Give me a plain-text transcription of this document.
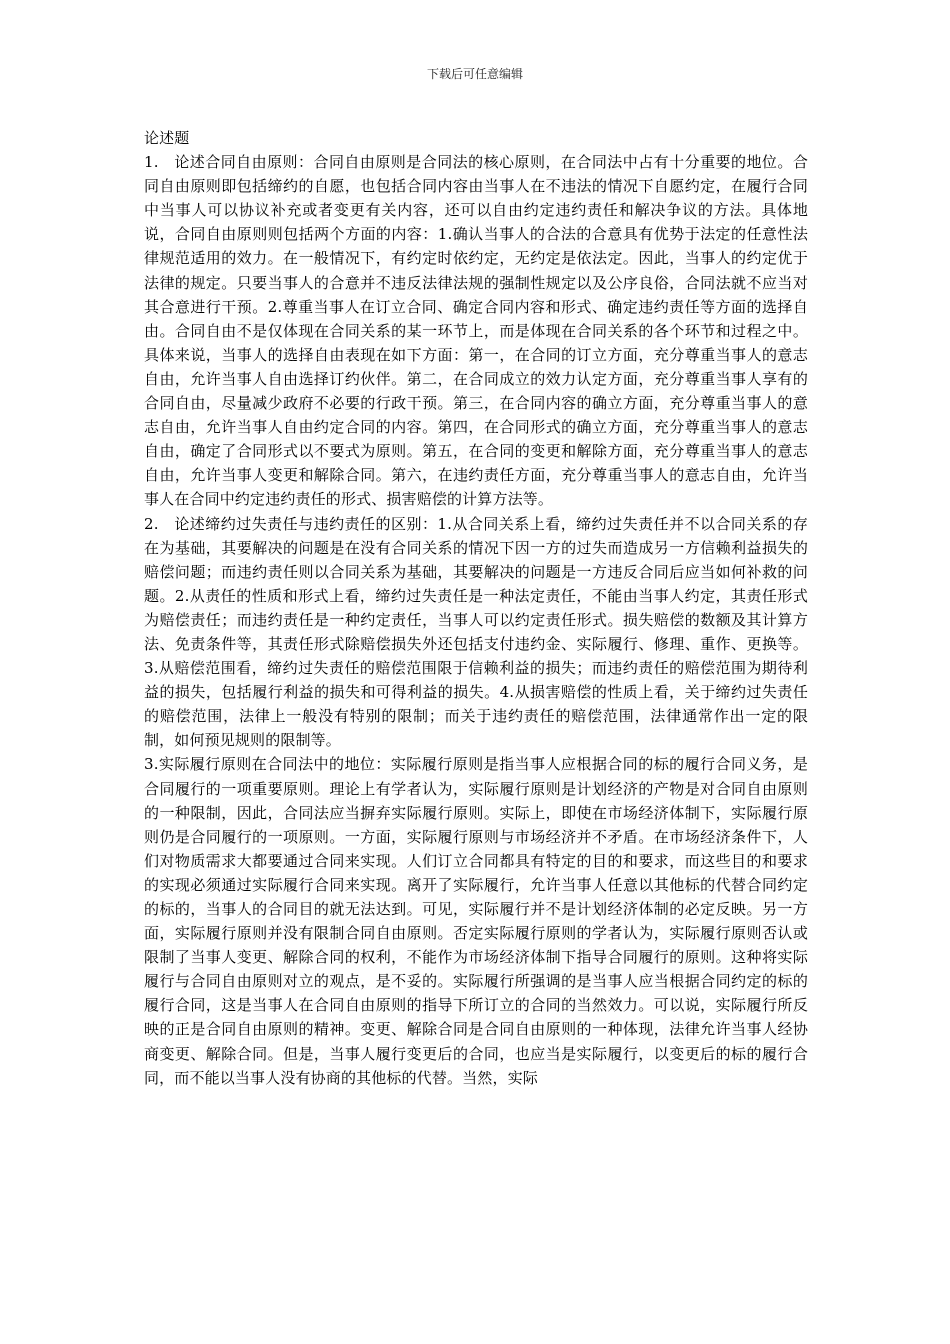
下载后可任意编辑

论述题

1. 论述合同自由原则：合同自由原则是合同法的核心原则，在合同法中占有十分重要的地位。合同自由原则即包括缔约的自愿，也包括合同内容由当事人在不违法的情况下自愿约定，在履行合同中当事人可以协议补充或者变更有关内容，还可以自由约定违约责任和解决争议的方法。具体地说，合同自由原则则包括两个方面的内容：1.确认当事人的合法的合意具有优势于法定的任意性法律规范适用的效力。在一般情况下，有约定时依约定，无约定是依法定。因此，当事人的约定优于法律的规定。只要当事人的合意并不违反法律法规的强制性规定以及公序良俗，合同法就不应当对其合意进行干预。2.尊重当事人在订立合同、确定合同内容和形式、确定违约责任等方面的选择自由。合同自由不是仅体现在合同关系的某一环节上，而是体现在合同关系的各个环节和过程之中。具体来说，当事人的选择自由表现在如下方面：第一，在合同的订立方面，充分尊重当事人的意志自由，允许当事人自由选择订约伙伴。第二，在合同成立的效力认定方面，充分尊重当事人享有的合同自由，尽量减少政府不必要的行政干预。第三，在合同内容的确立方面，充分尊重当事人的意志自由，允许当事人自由约定合同的内容。第四，在合同形式的确立方面，充分尊重当事人的意志自由，确定了合同形式以不要式为原则。第五，在合同的变更和解除方面，充分尊重当事人的意志自由，允许当事人变更和解除合同。第六，在违约责任方面，充分尊重当事人的意志自由，允许当事人在合同中约定违约责任的形式、损害赔偿的计算方法等。

2. 论述缔约过失责任与违约责任的区别：1.从合同关系上看，缔约过失责任并不以合同关系的存在为基础，其要解决的问题是在没有合同关系的情况下因一方的过失而造成另一方信赖利益损失的赔偿问题；而违约责任则以合同关系为基础，其要解决的问题是一方违反合同后应当如何补救的问题。2.从责任的性质和形式上看，缔约过失责任是一种法定责任，不能由当事人约定，其责任形式为赔偿责任；而违约责任是一种约定责任，当事人可以约定责任形式。损失赔偿的数额及其计算方法、免责条件等，其责任形式除赔偿损失外还包括支付违约金、实际履行、修理、重作、更换等。3.从赔偿范围看，缔约过失责任的赔偿范围限于信赖利益的损失；而违约责任的赔偿范围为期待利益的损失，包括履行利益的损失和可得利益的损失。4.从损害赔偿的性质上看，关于缔约过失责任的赔偿范围，法律上一般没有特别的限制；而关于违约责任的赔偿范围，法律通常作出一定的限制，如何预见规则的限制等。

3.实际履行原则在合同法中的地位：实际履行原则是指当事人应根据合同的标的履行合同义务，是合同履行的一项重要原则。理论上有学者认为，实际履行原则是计划经济的产物是对合同自由原则的一种限制，因此，合同法应当摒弃实际履行原则。实际上，即使在市场经济体制下，实际履行原则仍是合同履行的一项原则。一方面，实际履行原则与市场经济并不矛盾。在市场经济条件下，人们对物质需求大都要通过合同来实现。人们订立合同都具有特定的目的和要求，而这些目的和要求的实现必须通过实际履行合同来实现。离开了实际履行，允许当事人任意以其他标的代替合同约定的标的，当事人的合同目的就无法达到。可见，实际履行并不是计划经济体制的必定反映。另一方面，实际履行原则并没有限制合同自由原则。否定实际履行原则的学者认为，实际履行原则否认或限制了当事人变更、解除合同的权利，不能作为市场经济体制下指导合同履行的原则。这种将实际履行与合同自由原则对立的观点，是不妥的。实际履行所强调的是当事人应当根据合同约定的标的履行合同，这是当事人在合同自由原则的指导下所订立的合同的当然效力。可以说，实际履行所反映的正是合同自由原则的精神。变更、解除合同是合同自由原则的一种体现，法律允许当事人经协商变更、解除合同。但是，当事人履行变更后的合同，也应当是实际履行，以变更后的标的履行合同，而不能以当事人没有协商的其他标的代替。当然，实际
